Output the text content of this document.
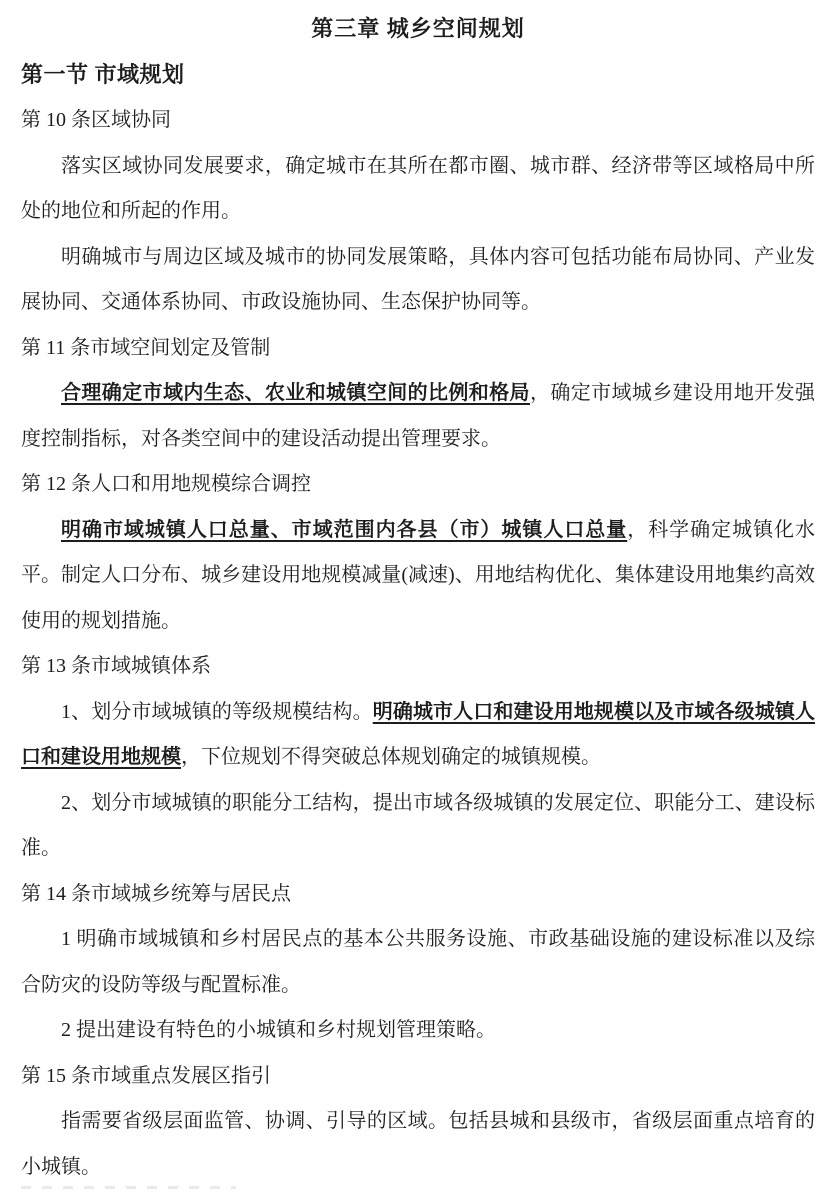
第三章 城乡空间规划
第一节 市域规划

第 10 条区域协同

落实区域协同发展要求，确定城市在其所在都市圈、城市群、经济带等区域格局中所处的地位和所起的作用。

明确城市与周边区域及城市的协同发展策略，具体内容可包括功能布局协同、产业发展协同、交通体系协同、市政设施协同、生态保护协同等。

第 11 条市域空间划定及管制

合理确定市域内生态、农业和城镇空间的比例和格局，确定市域城乡建设用地开发强度控制指标，对各类空间中的建设活动提出管理要求。

第 12 条人口和用地规模综合调控

明确市域城镇人口总量、市域范围内各县（市）城镇人口总量，科学确定城镇化水平。制定人口分布、城乡建设用地规模减量(减速)、用地结构优化、集体建设用地集约高效使用的规划措施。

第 13 条市域城镇体系

1、划分市域城镇的等级规模结构。明确城市人口和建设用地规模以及市域各级城镇人口和建设用地规模，下位规划不得突破总体规划确定的城镇规模。

2、划分市域城镇的职能分工结构，提出市域各级城镇的发展定位、职能分工、建设标准。

第 14 条市域城乡统筹与居民点

1 明确市域城镇和乡村居民点的基本公共服务设施、市政基础设施的建设标准以及综合防灾的设防等级与配置标准。

2 提出建设有特色的小城镇和乡村规划管理策略。

第 15 条市域重点发展区指引

指需要省级层面监管、协调、引导的区域。包括县城和县级市，省级层面重点培育的小城镇。
